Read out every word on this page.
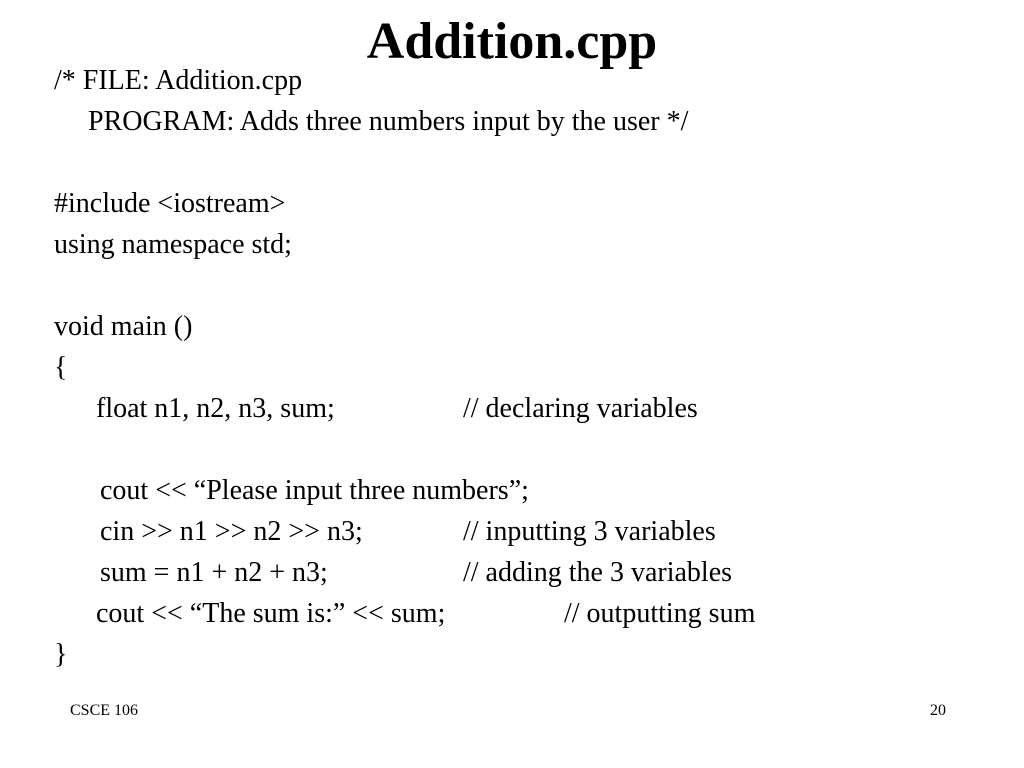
Addition.cpp
/* FILE: Addition.cpp
PROGRAM: Adds three numbers input by the user */
#include <iostream>
using namespace std;
void main ()
{
float n1, n2, n3, sum;	// declaring variables
cout << “Please input three numbers”;
cin >> n1 >> n2 >> n3;	// inputting 3 variables
sum = n1 + n2 + n3;	// adding the 3 variables
cout << “The sum is:” << sum;	// outputting sum
}
CSCE 106	20
